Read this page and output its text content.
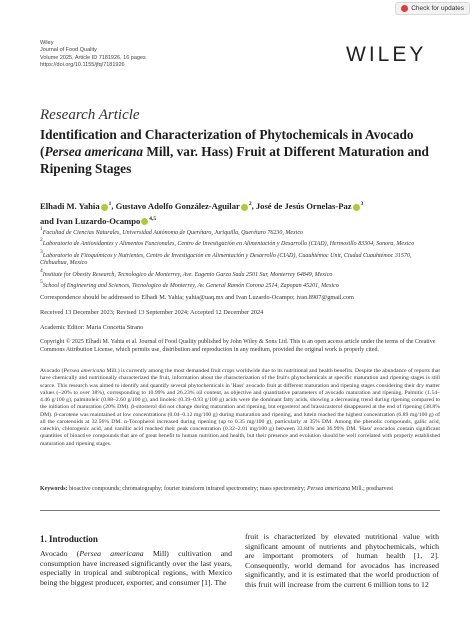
Check for updates
Wiley
Journal of Food Quality
Volume 2025, Article ID 7181926, 16 pages
https://doi.org/10.1155/jfq/7181926	WILEY
Research Article
Identification and Characterization of Phytochemicals in Avocado (Persea americana Mill, var. Hass) Fruit at Different Maturation and Ripening Stages
Elhadi M. Yahia $^1$, Gustavo Adolfo González-Aguilar $^2$, José de Jesús Ornelas-Paz $^3$
and Ivan Luzardo-Ocampo $^{4,5}$
$^1$Facultad de Ciencias Naturales, Universidad Autónoma de Querétaro, Juriquilla, Querétaro 76230, Mexico
$^2$Laboratorio de Antioxidantes y Alimentos Funcionales, Centro de Investigación en Alimentación y Desarrollo (CIAD), Hermosillo 83304, Sonora, Mexico
$^3$Laboratorio de Fitoquímicos y Nutrientes, Centro de Investigación en Alimentación y Desarrollo (CIAD), Cuauhtémoc Unit, Ciudad Cuauhtémoc 31570, Chihuahua, Mexico
$^4$Institute for Obesity Research, Tecnologico de Monterrey, Ave. Eugenio Garza Sada 2501 Sur, Monterrey 64849, Mexico
$^5$School of Engineering and Sciences, Tecnologico de Monterrey, Av. General Ramón Corona 2514, Zapopan 45201, Mexico
Correspondence should be addressed to Elhadi M. Yahia; yahia@uaq.mx and Ivan Luzardo-Ocampo; ivan.8907@gmail.com
Received 13 December 2023; Revised 13 September 2024; Accepted 12 December 2024
Academic Editor: Maria Concetta Strano
Copyright © 2025 Elhadi M. Yahia et al. Journal of Food Quality published by John Wiley & Sons Ltd. This is an open access article under the terms of the Creative Commons Attribution License, which permits use, distribution and reproduction in any medium, provided the original work is properly cited.
Avocado (Persea americana Mill.) is currently among the most demanded fruit crops worldwide due to its nutritional and health benefits. Despite the abundance of reports that have chemically and nutritionally characterized the fruit, information about the characterization of the fruit's phytochemicals at specific maturation and ripening stages is still scarce. This research was aimed to identify and quantify several phytochemicals in 'Hass' avocado fruit at different maturation and ripening stages considering their dry matter values (~20% to over 38%), corresponding to 10.99% and 26.23% oil content, as objective and quantitative parameters of avocado maturation and ripening. Palmitic (1.54–4.46 g/100 g), palmitoleic (0.88–2.60 g/100 g), and linoleic (0.39–0.93 g/100 g) acids were the dominant fatty acids, showing a decreasing trend during ripening compared to the initiation of maturation (20% DM). β-sitosterol did not change during maturation and ripening, but ergosterol and brassicasterol disappeared at the end of ripening (38.8% DM). β-carotene was maintained at low concentrations (0.04–0.12 mg/100 g) during maturation and ripening, and lutein reached the highest concentration (6.89 mg/100 g) of all the carotenoids at 32.56% DM. α-Tocopherol increased during ripening (up to 0.35 mg/100 g), particularly at 35% DM. Among the phenolic compounds, gallic acid, catechin, chlorogenic acid, and vanillic acid reached their peak concentration (0.32–2.01 mg/100 g) between 33.84% and 36.99% DM. 'Hass' avocados contain significant quantities of bioactive compounds that are of great benefit to human nutrition and health, but their presence and evolution should be well correlated with properly established maturation and ripening stages.
Keywords: bioactive compounds; chromatography; fourier transform infrared spectrometry; mass spectrometry; Persea americana Mill.; postharvest
1. Introduction
Avocado (Persea americana Mill) cultivation and consumption have increased significantly over the last years, especially in tropical and subtropical regions, with Mexico being the biggest producer, exporter, and consumer [1]. The
fruit is characterized by elevated nutritional value with significant amount of nutrients and phytochemicals, which are important promoters of human health [1, 2]. Consequently, world demand for avocados has increased significantly, and it is estimated that the world production of this fruit will increase from the current 6 million tons to 12
